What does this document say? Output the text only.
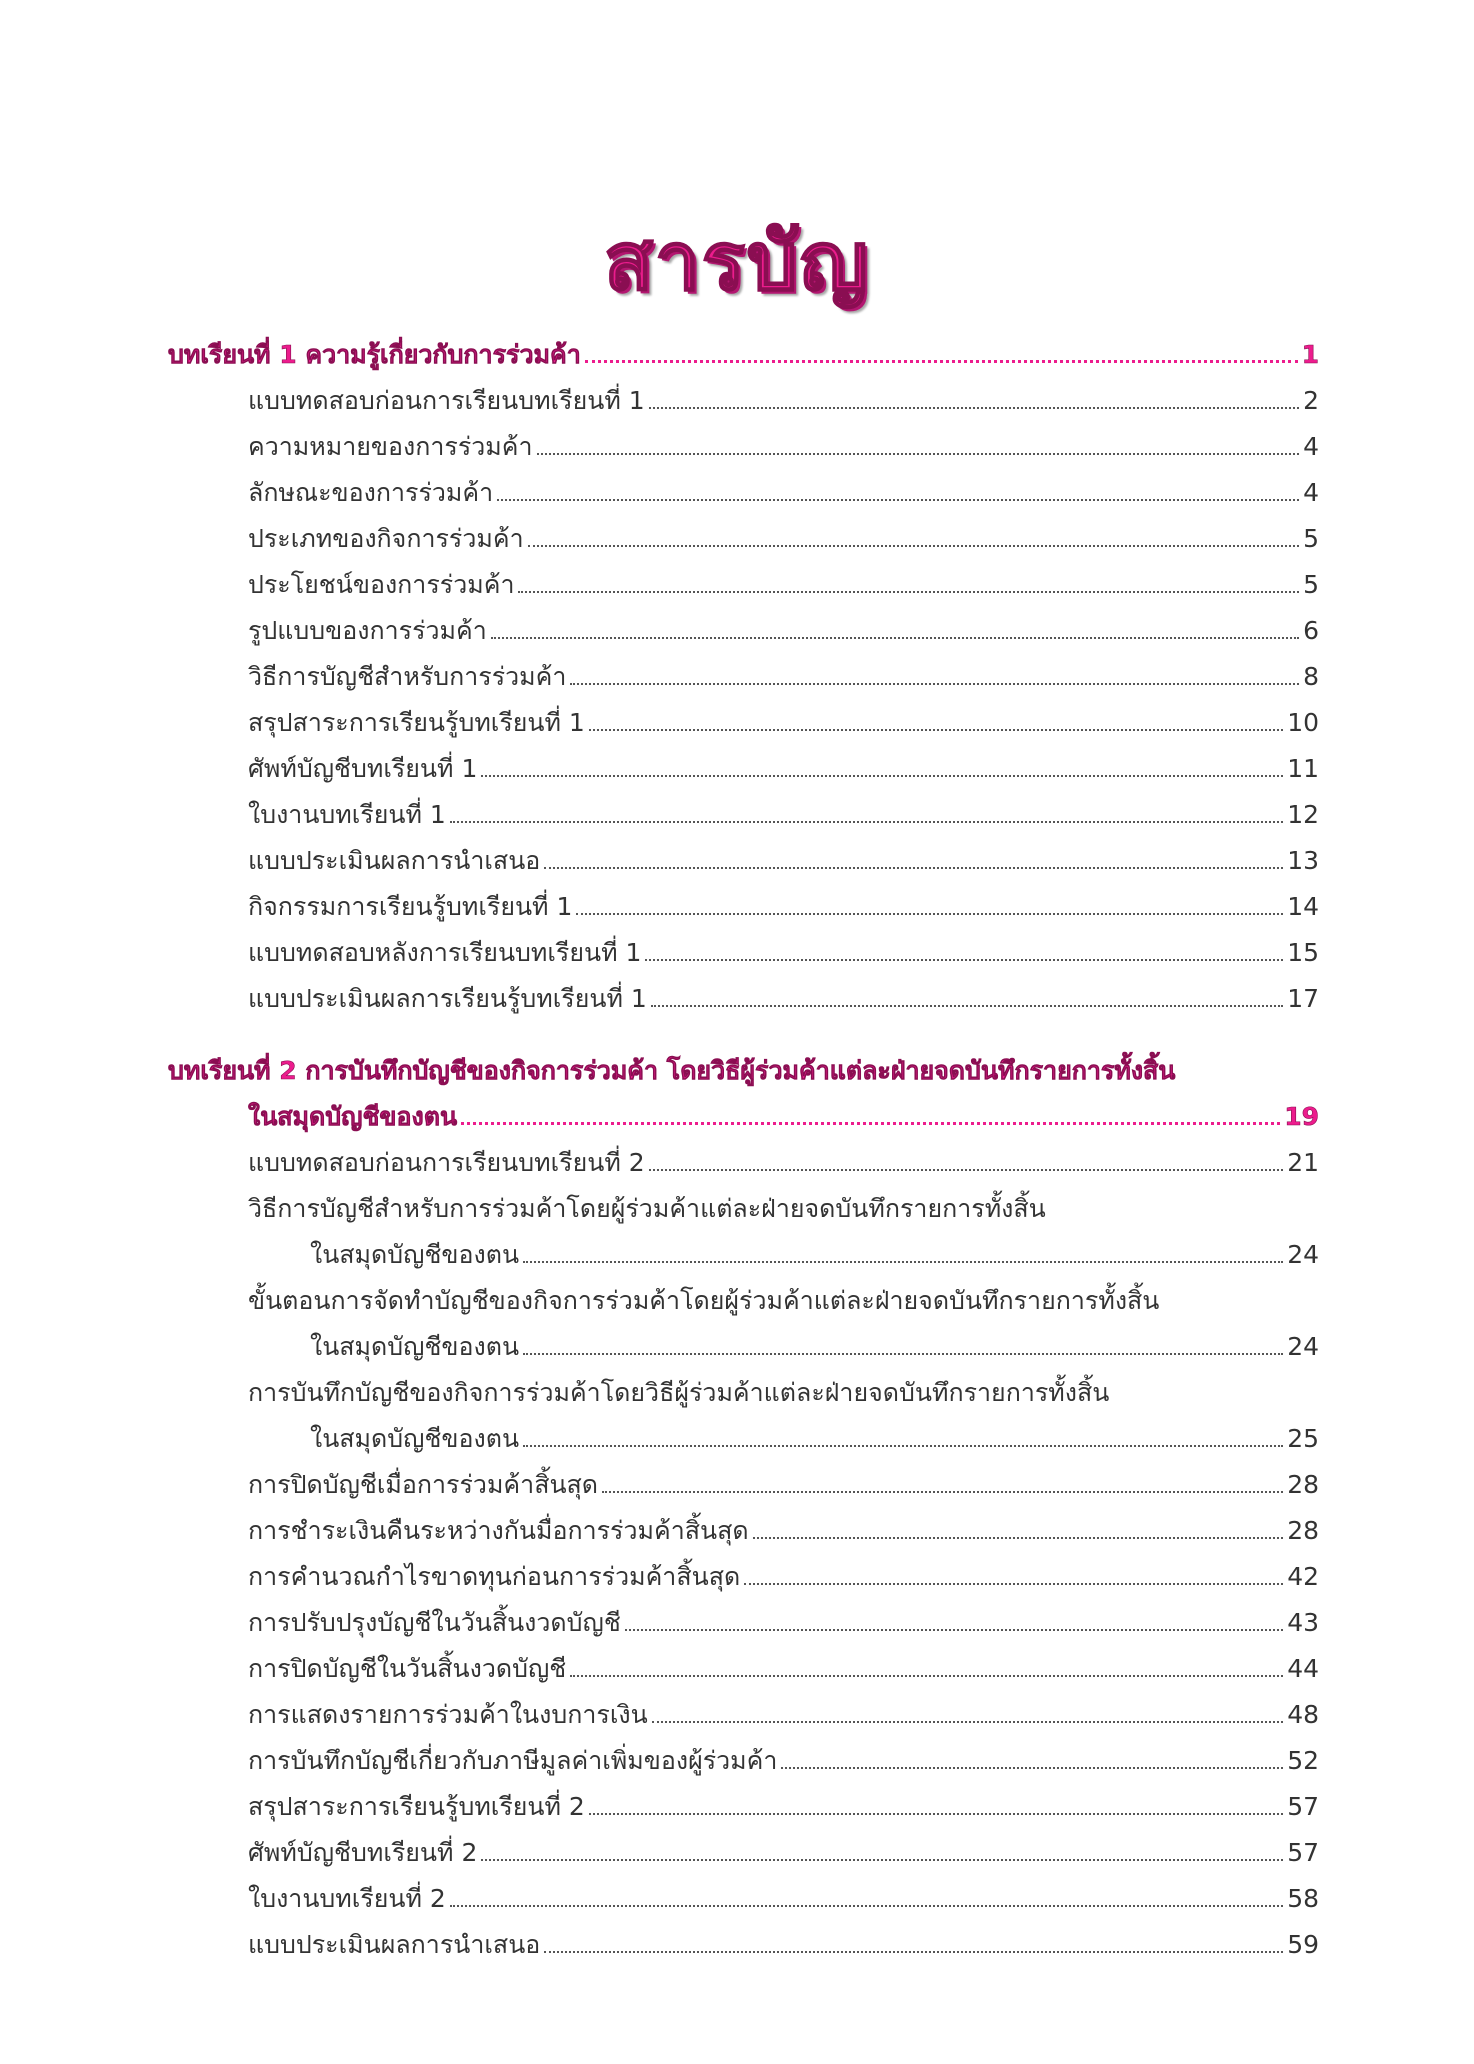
สารบัญ
บทเรียนที่ 1 ความรู้เกี่ยวกับการร่วมค้า	1
แบบทดสอบก่อนการเรียนบทเรียนที่ 1	2
ความหมายของการร่วมค้า	4
ลักษณะของการร่วมค้า	4
ประเภทของกิจการร่วมค้า	5
ประโยชน์ของการร่วมค้า	5
รูปแบบของการร่วมค้า	6
วิธีการบัญชีสำหรับการร่วมค้า	8
สรุปสาระการเรียนรู้บทเรียนที่ 1	10
ศัพท์บัญชีบทเรียนที่ 1	11
ใบงานบทเรียนที่ 1	12
แบบประเมินผลการนำเสนอ	13
กิจกรรมการเรียนรู้บทเรียนที่ 1	14
แบบทดสอบหลังการเรียนบทเรียนที่ 1	15
แบบประเมินผลการเรียนรู้บทเรียนที่ 1	17
บทเรียนที่ 2 การบันทึกบัญชีของกิจการร่วมค้า โดยวิธีผู้ร่วมค้าแต่ละฝ่ายจดบันทึกรายการทั้งสิ้น
ในสมุดบัญชีของตน	19
แบบทดสอบก่อนการเรียนบทเรียนที่ 2	21
วิธีการบัญชีสำหรับการร่วมค้าโดยผู้ร่วมค้าแต่ละฝ่ายจดบันทึกรายการทั้งสิ้น
ในสมุดบัญชีของตน	24
ขั้นตอนการจัดทำบัญชีของกิจการร่วมค้าโดยผู้ร่วมค้าแต่ละฝ่ายจดบันทึกรายการทั้งสิ้น
ในสมุดบัญชีของตน	24
การบันทึกบัญชีของกิจการร่วมค้าโดยวิธีผู้ร่วมค้าแต่ละฝ่ายจดบันทึกรายการทั้งสิ้น
ในสมุดบัญชีของตน	25
การปิดบัญชีเมื่อการร่วมค้าสิ้นสุด	28
การชำระเงินคืนระหว่างกันมื่อการร่วมค้าสิ้นสุด	28
การคำนวณกำไรขาดทุนก่อนการร่วมค้าสิ้นสุด	42
การปรับปรุงบัญชีในวันสิ้นงวดบัญชี	43
การปิดบัญชีในวันสิ้นงวดบัญชี	44
การแสดงรายการร่วมค้าในงบการเงิน	48
การบันทึกบัญชีเกี่ยวกับภาษีมูลค่าเพิ่มของผู้ร่วมค้า	52
สรุปสาระการเรียนรู้บทเรียนที่ 2	57
ศัพท์บัญชีบทเรียนที่ 2	57
ใบงานบทเรียนที่ 2	58
แบบประเมินผลการนำเสนอ	59
